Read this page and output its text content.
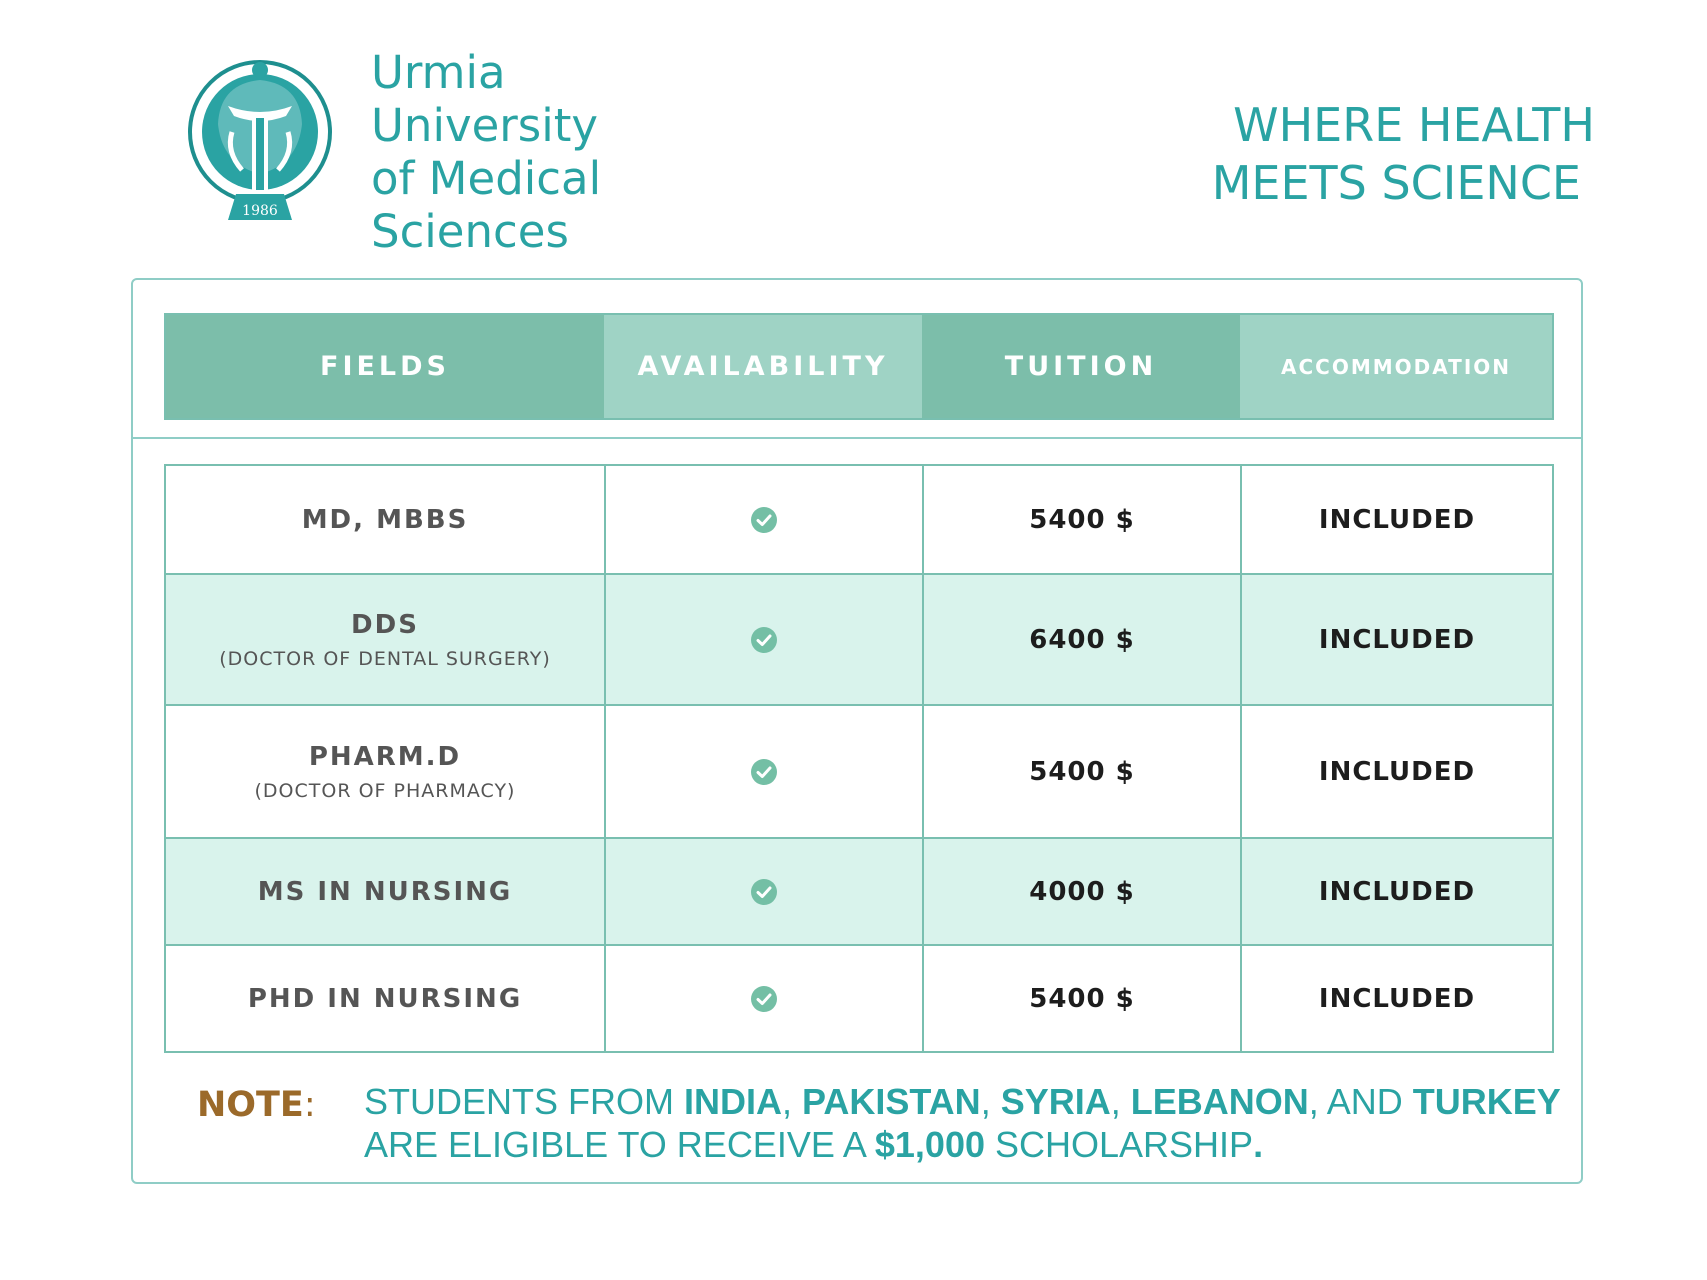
1986
Urmia
University
of Medical
Sciences
WHERE HEALTH
MEETS SCIENCE
FIELDS	AVAILABILITY	TUITION	ACCOMMODATION
MD, MBBS	5400 $	INCLUDED
DDS
(DOCTOR OF DENTAL SURGERY)
6400 $	INCLUDED
PHARM.D
(DOCTOR OF PHARMACY)
5400 $	INCLUDED
MS IN NURSING	4000 $	INCLUDED
PHD IN NURSING	5400 $	INCLUDED
NOTE: STUDENTS FROM INDIA, PAKISTAN, SYRIA, LEBANON, AND TURKEY
ARE ELIGIBLE TO RECEIVE A $1,000 SCHOLARSHIP.
